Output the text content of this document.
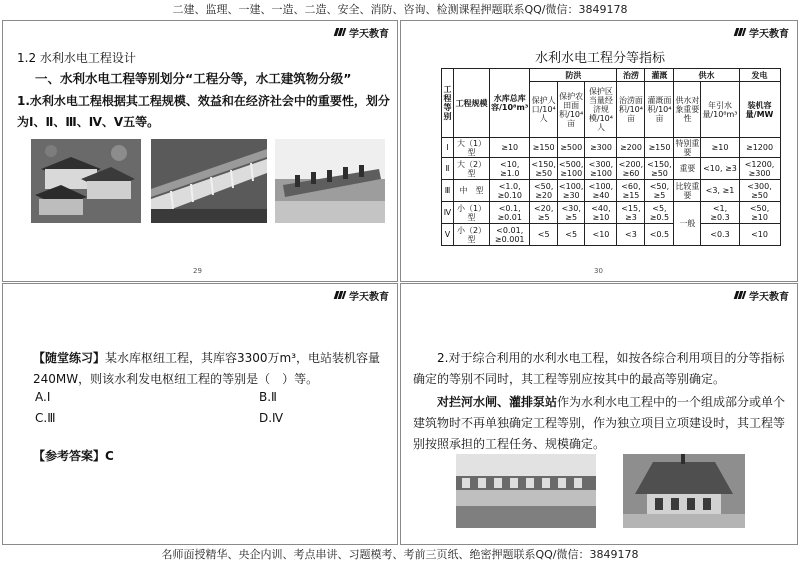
二建、监理、一建、一造、二造、安全、消防、咨询、检测课程押题联系QQ/微信：3849178
学天教育
1.2 水利水电工程设计
一、水利水电工程等别划分“工程分等，水工建筑物分级”
1.水利水电工程根据其工程规模、效益和在经济社会中的重要性，划分为Ⅰ、Ⅱ、Ⅲ、Ⅳ、Ⅴ五等。
29
学天教育
水利水电工程分等指标
工程等别	工程规模	水库总库容/10⁸m³	防洪			治涝	灌溉	供水		发电
			保护人口/10⁴人	保护农田面积/10⁴亩	保护区当量经济规模/10⁴人	治涝面积/10⁴亩	灌溉面积/10⁴亩	供水对象重要性	年引水量/10⁸m³	装机容量/MW
Ⅰ	大（1）型	≥10	≥150	≥500	≥300	≥200	≥150	特别重要	≥10	≥1200
Ⅱ	大（2）型	<10, ≥1.0	<150, ≥50	<500, ≥100	<300, ≥100	<200, ≥60	<150, ≥50	重要	<10, ≥3	<1200, ≥300
Ⅲ	中　型	<1.0, ≥0.10	<50, ≥20	<100, ≥30	<100, ≥40	<60, ≥15	<50, ≥5	比较重要	<3, ≥1	<300, ≥50
Ⅳ	小（1）型	<0.1, ≥0.01	<20, ≥5	<30, ≥5	<40, ≥10	<15, ≥3	<5, ≥0.5	一般	<1, ≥0.3	<50, ≥10
Ⅴ	小（2）型	<0.01, ≥0.001	<5	<5	<10	<3	<0.5		<0.3	<10
30
学天教育
【随堂练习】某水库枢纽工程，其库容3300万m³，电站装机容量240MW，则该水利发电枢纽工程的等别是（　）等。
A.Ⅰ	B.Ⅱ
C.Ⅲ	D.Ⅳ
【参考答案】C
学天教育
2.对于综合利用的水利水电工程，如按各综合利用项目的分等指标确定的等别不同时，其工程等别应按其中的最高等别确定。
对拦河水闸、灌排泵站作为水利水电工程中的一个组成部分或单个建筑物时不再单独确定工程等别，作为独立项目立项建设时，其工程等别按照承担的工程任务、规模确定。
名师面授精华、央企内训、考点串讲、习题模考、考前三页纸、绝密押题联系QQ/微信：3849178
